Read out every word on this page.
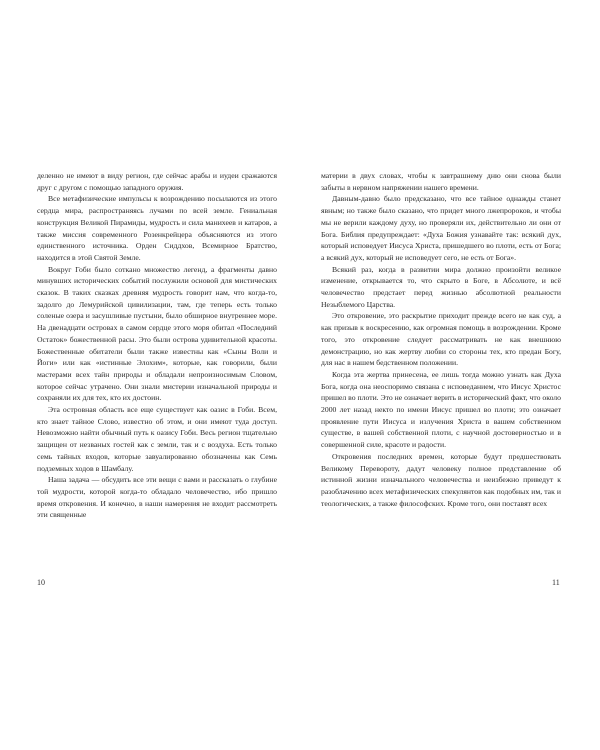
деленно не имеют в виду регион, где сейчас арабы и иудеи сражаются друг с другом с помощью западного оружия.

Все метафизические импульсы к возрождению посылаются из этого сердца мира, распространяясь лучами по всей земле. Гениальная конструкция Великой Пирамиды, мудрость и сила манихеев и катаров, а также миссия современного Розенкрейцера объясняются из этого единственного источника. Орден Сиддхов, Всемирное Братство, находится в этой Святой Земле.

Вокруг Гоби было соткано множество легенд, а фрагменты давно минувших исторических событий послужили основой для мистических сказок. В таких сказках древняя мудрость говорит нам, что когда-то, задолго до Лемурийской цивилизации, там, где теперь есть только соленые озера и засушливые пустыни, было обширное внутреннее море. На двенадцати островах в самом сердце этого моря обитал «Последний Остаток» божественной расы. Это были острова удивительной красоты. Божественные обитатели были также известны как «Сыны Воли и Йоги» или как «истинные Элохим», которые, как говорили, были мастерами всех тайн природы и обладали непроизносимым Словом, которое сейчас утрачено. Они знали мистерии изначальной природы и сохраняли их для тех, кто их достоин.

Эта островная область все еще существует как оазис в Гоби. Всем, кто знает тайное Слово, известно об этом, и они имеют туда доступ. Невозможно найти обычный путь к оазису Гоби. Весь регион тщательно защищен от незваных гостей как с земли, так и с воздуха. Есть только семь тайных входов, которые завуалированно обозначены как Семь подземных ходов в Шамбалу.

Наша задача — обсудить все эти вещи с вами и рассказать о глубине той мудрости, которой когда-то обладало человечество, ибо пришло время откровения. И конечно, в наши намерения не входит рассмотреть эти священные

материи в двух словах, чтобы к завтрашнему дню они снова были забыты в нервном напряжении нашего времени.

Давным-давно было предсказано, что все тайное однажды станет явным; но также было сказано, что придет много лжепророков, и чтобы мы не верили каждому духу, но проверяли их, действительно ли они от Бога. Библия предупреждает: «Духа Божия узнавайте так: всякий дух, который исповедует Иисуса Христа, пришедшего во плоти, есть от Бога; а всякий дух, который не исповедует сего, не есть от Бога».

Всякий раз, когда в развитии мира должно произойти великое изменение, открывается то, что скрыто в Боге, в Абсолюте, и всё человечество предстает перед жизнью абсолютной реальности Незыблемого Царства.

Это откровение, это раскрытие приходит прежде всего не как суд, а как призыв к воскресению, как огромная помощь в возрождении. Кроме того, это откровение следует рассматривать не как внешнюю демонстрацию, но как жертву любви со стороны тех, кто предан Богу, для нас в нашем бедственном положении.

Когда эта жертва принесена, ее лишь тогда можно узнать как Духа Бога, когда она неоспоримо связана с исповеданием, что Иисус Христос пришел во плоти. Это не означает верить в исторический факт, что около 2000 лет назад некто по имени Иисус пришел во плоти; это означает проявление пути Иисуса и излучения Христа в вашем собственном существе, в вашей собственной плоти, с научной достоверностью и в совершенной силе, красоте и радости.

Откровения последних времен, которые будут предшествовать Великому Перевороту, дадут человеку полное представление об истинной жизни изначального человечества и неизбежно приведут к разоблачению всех метафизических спекулянтов как подобных им, так и теологических, а также философских. Кроме того, они поставят всех

10	11
